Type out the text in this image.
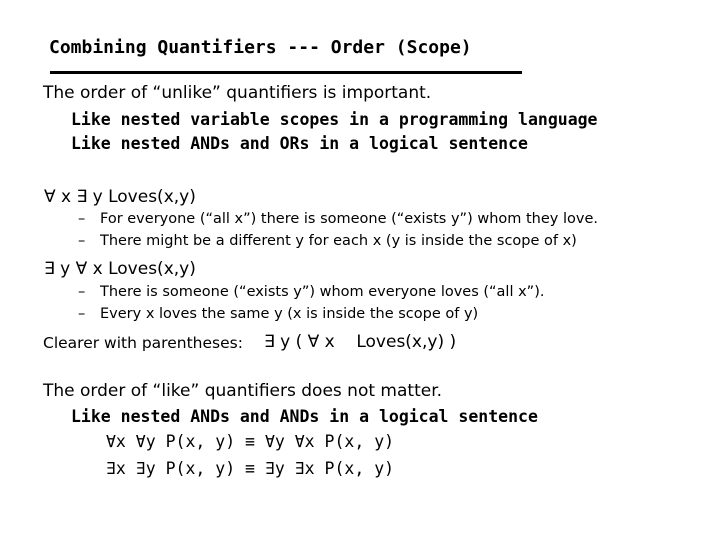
Combining Quantifiers --- Order (Scope)
The order of “unlike” quantifiers is important.
Like nested variable scopes in a programming language
Like nested ANDs and ORs in a logical sentence
∀ x ∃ y Loves(x,y)
– For everyone (“all x”) there is someone (“exists y”) whom they love.
– There might be a different y for each x (y is inside the scope of x)
∃ y ∀ x Loves(x,y)
– There is someone (“exists y”) whom everyone loves (“all x”).
– Every x loves the same y (x is inside the scope of y)
Clearer with parentheses: ∃ y ( ∀ x    Loves(x,y) )
The order of “like” quantifiers does not matter.
Like nested ANDs and ANDs in a logical sentence
∀x ∀y P(x, y) ≡ ∀y ∀x P(x, y)
∃x ∃y P(x, y) ≡ ∃y ∃x P(x, y)
